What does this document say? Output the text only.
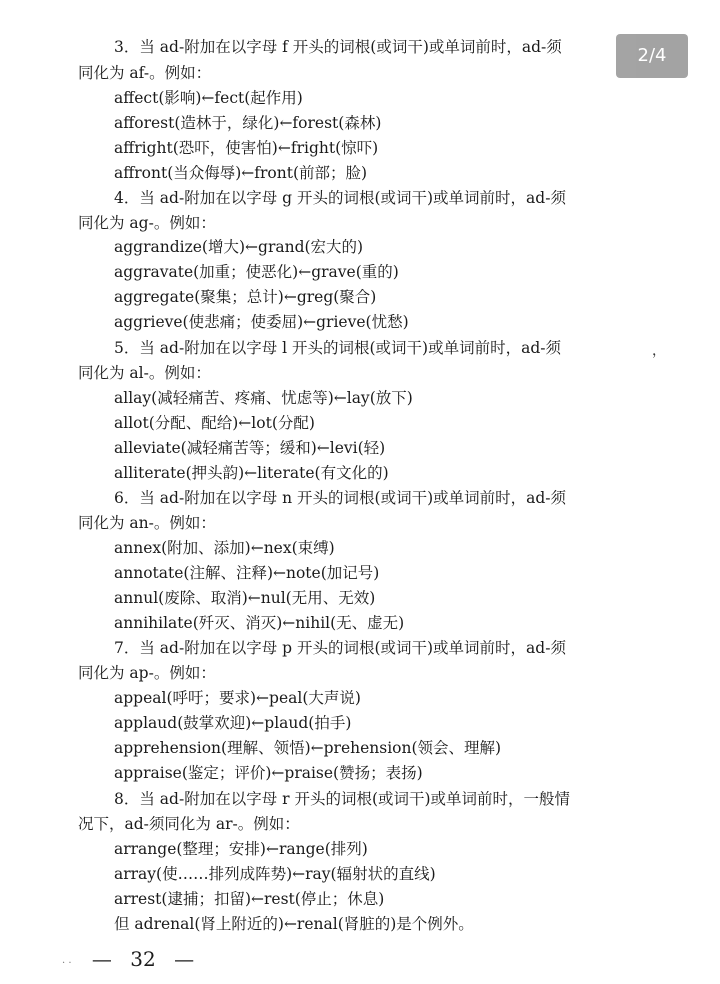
2/4
3．当 ad-附加在以字母 f 开头的词根(或词干)或单词前时，ad-须
同化为 af-。例如：
affect(影响)←fect(起作用)
afforest(造林于，绿化)←forest(森林)
affright(恐吓，使害怕)←fright(惊吓)
affront(当众侮辱)←front(前部；脸)
4．当 ad-附加在以字母 g 开头的词根(或词干)或单词前时，ad-须
同化为 ag-。例如：
aggrandize(增大)←grand(宏大的)
aggravate(加重；使恶化)←grave(重的)
aggregate(聚集；总计)←greg(聚合)
aggrieve(使悲痛；使委屈)←grieve(忧愁)
5．当 ad-附加在以字母 l 开头的词根(或词干)或单词前时，ad-须	，
同化为 al-。例如：
allay(减轻痛苦、疼痛、忧虑等)←lay(放下)
allot(分配、配给)←lot(分配)
alleviate(减轻痛苦等；缓和)←levi(轻)
alliterate(押头韵)←literate(有文化的)
6．当 ad-附加在以字母 n 开头的词根(或词干)或单词前时，ad-须
同化为 an-。例如：
annex(附加、添加)←nex(束缚)
annotate(注解、注释)←note(加记号)
annul(废除、取消)←nul(无用、无效)
annihilate(歼灭、消灭)←nihil(无、虚无)
7．当 ad-附加在以字母 p 开头的词根(或词干)或单词前时，ad-须
同化为 ap-。例如：
appeal(呼吁；要求)←peal(大声说)
applaud(鼓掌欢迎)←plaud(拍手)
apprehension(理解、领悟)←prehension(领会、理解)
appraise(鉴定；评价)←praise(赞扬；表扬)
8．当 ad-附加在以字母 r 开头的词根(或词干)或单词前时，一般情
况下，ad-须同化为 ar-。例如：
arrange(整理；安排)←range(排列)
array(使……排列成阵势)←ray(辐射状的直线)
arrest(逮捕；扣留)←rest(停止；休息)
但 adrenal(肾上附近的)←renal(肾脏的)是个例外。
. . — 32 —
